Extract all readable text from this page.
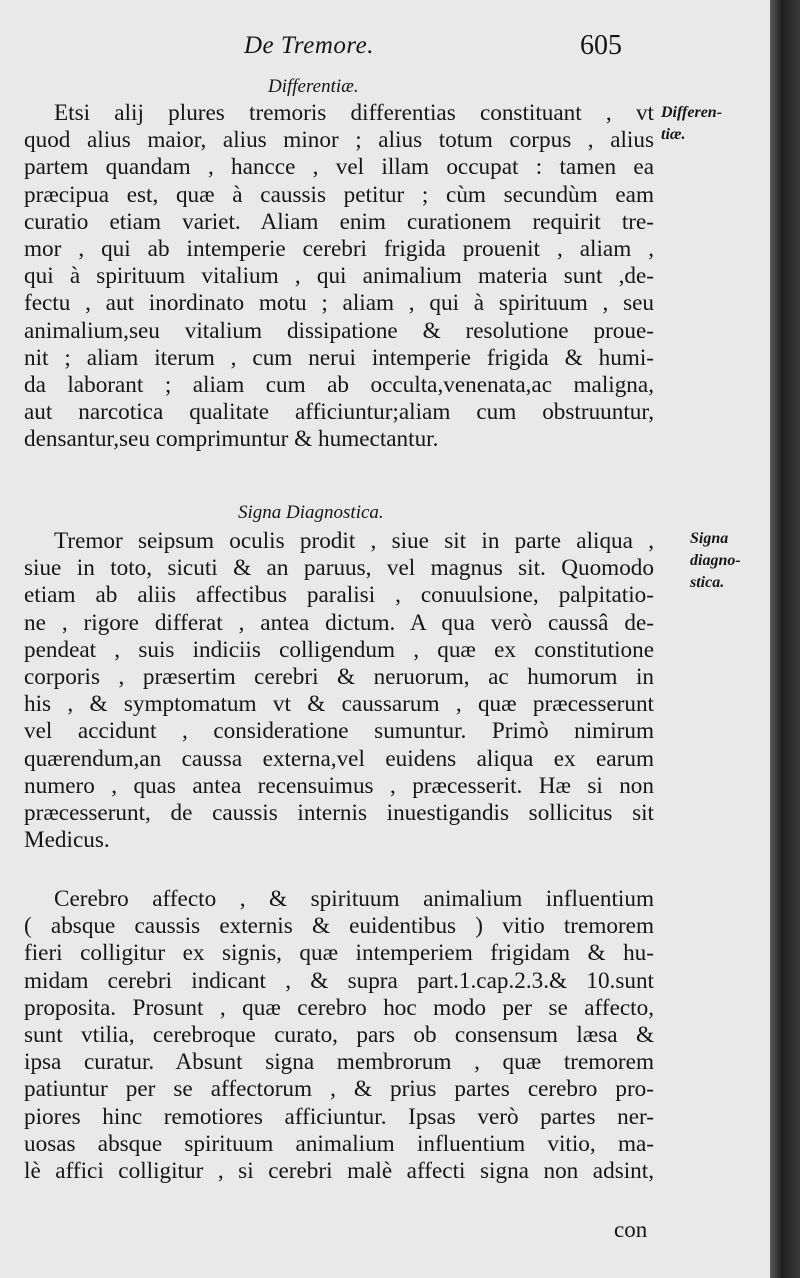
De Tremore.	605
Differentiæ.
Differen-
tiæ.
Etsi alij plures tremoris differentias constituant , vt
quod alius maior, alius minor ; alius totum corpus , alius
partem quandam , hancce , vel illam occupat : tamen ea
præcipua est, quæ à caussis petitur ; cùm secundùm eam
curatio etiam variet. Aliam enim curationem requirit tre-
mor , qui ab intemperie cerebri frigida prouenit , aliam ,
qui à spirituum vitalium , qui animalium materia sunt ,de-
fectu , aut inordinato motu ; aliam , qui à spirituum , seu
animalium,seu vitalium dissipatione & resolutione proue-
nit ; aliam iterum , cum nerui intemperie frigida & humi-
da laborant ; aliam cum ab occulta,venenata,ac maligna,
aut narcotica qualitate afficiuntur;aliam cum obstruuntur,
densantur,seu comprimuntur & humectantur.
Signa Diagnostica.
Signa
diagno-
stica.
Tremor seipsum oculis prodit , siue sit in parte aliqua ,
siue in toto, sicuti & an paruus, vel magnus sit. Quomodo
etiam ab aliis affectibus paralisi , conuulsione, palpitatio-
ne , rigore differat , antea dictum. A qua verò caussâ de-
pendeat , suis indiciis colligendum , quæ ex constitutione
corporis , præsertim cerebri & neruorum, ac humorum in
his , & symptomatum vt & caussarum , quæ præcesserunt
vel accidunt , consideratione sumuntur. Primò nimirum
quærendum,an caussa externa,vel euidens aliqua ex earum
numero , quas antea recensuimus , præcesserit. Hæ si non
præcesserunt, de caussis internis inuestigandis sollicitus sit
Medicus.
Cerebro affecto , & spirituum animalium influentium
( absque caussis externis & euidentibus ) vitio tremorem
fieri colligitur ex signis, quæ intemperiem frigidam & hu-
midam cerebri indicant , & supra part.1.cap.2.3.& 10.sunt
proposita. Prosunt , quæ cerebro hoc modo per se affecto,
sunt vtilia, cerebroque curato, pars ob consensum læsa &
ipsa curatur. Absunt signa membrorum , quæ tremorem
patiuntur per se affectorum , & prius partes cerebro pro-
piores hinc remotiores afficiuntur. Ipsas verò partes ner-
uosas absque spirituum animalium influentium vitio, ma-
lè affici colligitur , si cerebri malè affecti signa non adsint,
con
